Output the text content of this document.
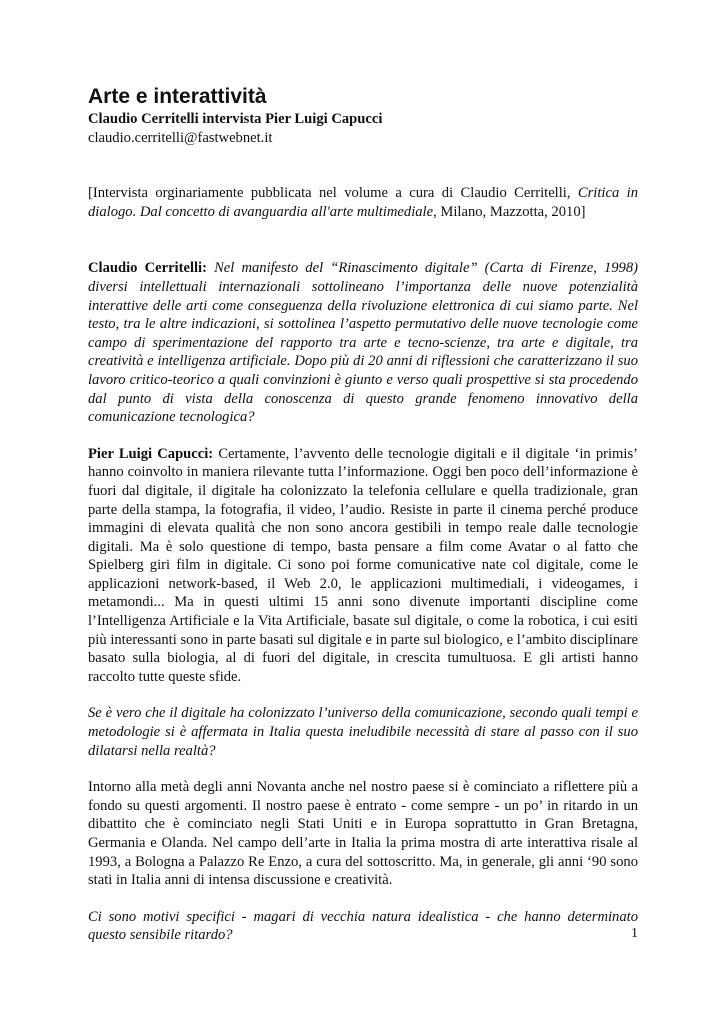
Arte e interattività
Claudio Cerritelli intervista Pier Luigi Capucci
claudio.cerritelli@fastwebnet.it

[Intervista orginariamente pubblicata nel volume a cura di Claudio Cerritelli, Critica in dialogo. Dal concetto di avanguardia all'arte multimediale, Milano, Mazzotta, 2010]

Claudio Cerritelli: Nel manifesto del “Rinascimento digitale” (Carta di Firenze, 1998) diversi intellettuali internazionali sottolineano l’importanza delle nuove potenzialità interattive delle arti come conseguenza della rivoluzione elettronica di cui siamo parte. Nel testo, tra le altre indicazioni, si sottolinea l’aspetto permutativo delle nuove tecnologie come campo di sperimentazione del rapporto tra arte e tecno-scienze, tra arte e digitale, tra creatività e intelligenza artificiale. Dopo più di 20 anni di riflessioni che caratterizzano il suo lavoro critico-teorico a quali convinzioni è giunto e verso quali prospettive si sta procedendo dal punto di vista della conoscenza di questo grande fenomeno innovativo della comunicazione tecnologica?

Pier Luigi Capucci: Certamente, l’avvento delle tecnologie digitali e il digitale ‘in primis’ hanno coinvolto in maniera rilevante tutta l’informazione. Oggi ben poco dell’informazione è fuori dal digitale, il digitale ha colonizzato la telefonia cellulare e quella tradizionale, gran parte della stampa, la fotografia, il video, l’audio. Resiste in parte il cinema perché produce immagini di elevata qualità che non sono ancora gestibili in tempo reale dalle tecnologie digitali. Ma è solo questione di tempo, basta pensare a film come Avatar o al fatto che Spielberg giri film in digitale. Ci sono poi forme comunicative nate col digitale, come le applicazioni network-based, il Web 2.0, le applicazioni multimediali, i videogames, i metamondi... Ma in questi ultimi 15 anni sono divenute importanti discipline come l’Intelligenza Artificiale e la Vita Artificiale, basate sul digitale, o come la robotica, i cui esiti più interessanti sono in parte basati sul digitale e in parte sul biologico, e l’ambito disciplinare basato sulla biologia, al di fuori del digitale, in crescita tumultuosa. E gli artisti hanno raccolto tutte queste sfide.

Se è vero che il digitale ha colonizzato l’universo della comunicazione, secondo quali tempi e metodologie si è affermata in Italia questa ineludibile necessità di stare al passo con il suo dilatarsi nella realtà?

Intorno alla metà degli anni Novanta anche nel nostro paese si è cominciato a riflettere più a fondo su questi argomenti. Il nostro paese è entrato - come sempre - un po’ in ritardo in un dibattito che è cominciato negli Stati Uniti e in Europa soprattutto in Gran Bretagna, Germania e Olanda. Nel campo dell’arte in Italia la prima mostra di arte interattiva risale al 1993, a Bologna a Palazzo Re Enzo, a cura del sottoscritto. Ma, in generale, gli anni ‘90 sono stati in Italia anni di intensa discussione e creatività.

Ci sono motivi specifici - magari di vecchia natura idealistica - che hanno determinato questo sensibile ritardo?	1
